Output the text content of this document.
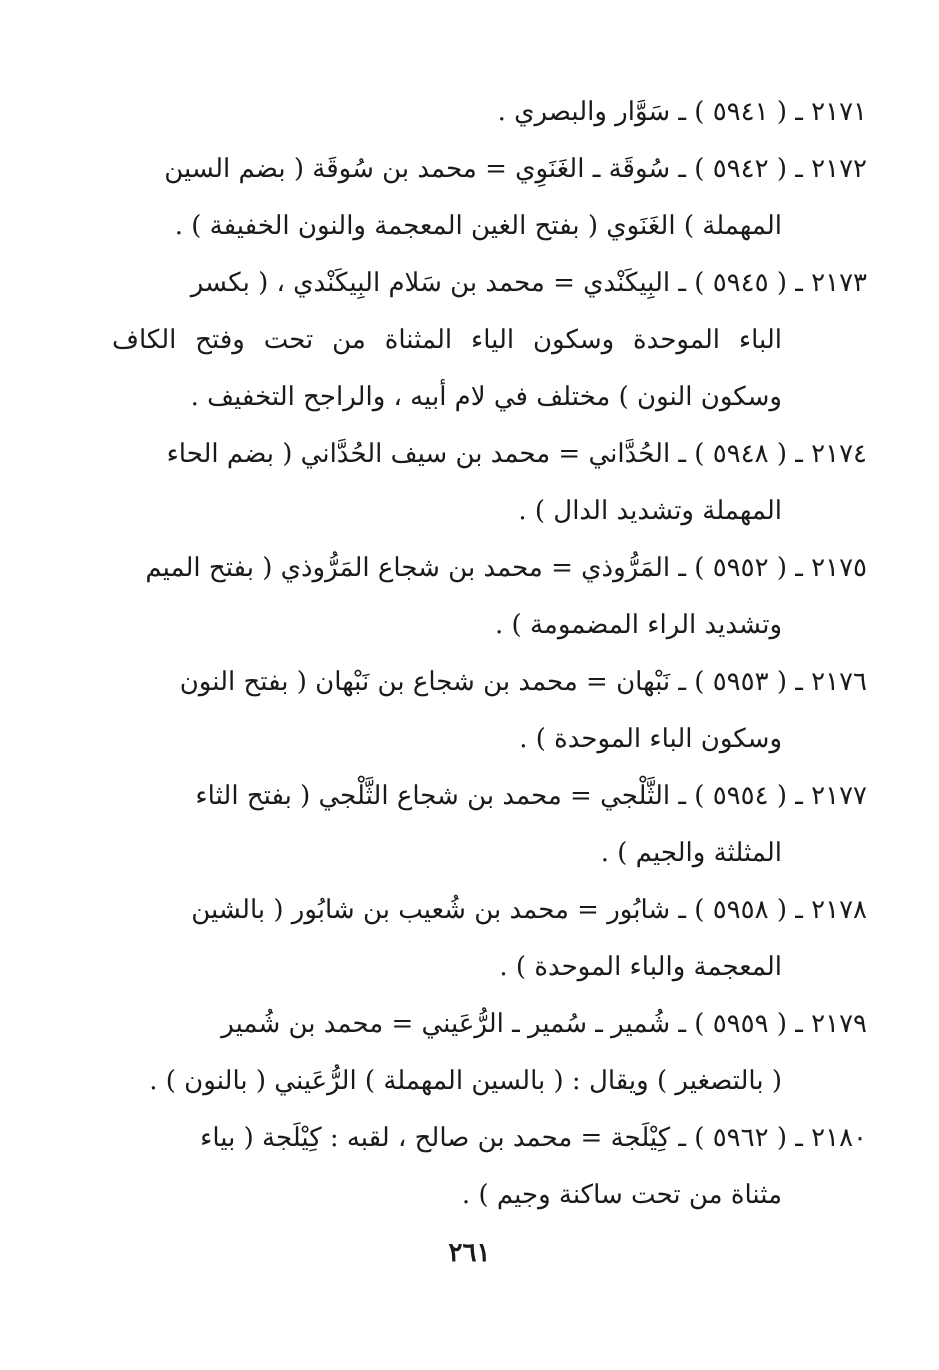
٢١٧١ ـ ( ٥٩٤١ ) ـ سَوَّار والبصري .
٢١٧٢ ـ ( ٥٩٤٢ ) ـ سُوقَة ـ الغَنَوِي = محمد بن سُوقَة ( بضم السين
المهملة ) الغَنَوي ( بفتح الغين المعجمة والنون الخفيفة ) .
٢١٧٣ ـ ( ٥٩٤٥ ) ـ البِيكَنْدي = محمد بن سَلام البِيكَنْدي ، ( بكسر
الباء الموحدة وسكون الياء المثناة من تحت وفتح الكاف وسكون النون ) مختلف في لام أبيه ، والراجح التخفيف .
٢١٧٤ ـ ( ٥٩٤٨ ) ـ الحُدَّاني = محمد بن سيف الحُدَّاني ( بضم الحاء
المهملة وتشديد الدال ) .
٢١٧٥ ـ ( ٥٩٥٢ ) ـ المَرُّوذي = محمد بن شجاع المَرُّوذي ( بفتح الميم
وتشديد الراء المضمومة ) .
٢١٧٦ ـ ( ٥٩٥٣ ) ـ نَبْهان = محمد بن شجاع بن نَبْهان ( بفتح النون
وسكون الباء الموحدة ) .
٢١٧٧ ـ ( ٥٩٥٤ ) ـ الثَّلْجي = محمد بن شجاع الثَّلْجي ( بفتح الثاء
المثلثة والجيم ) .
٢١٧٨ ـ ( ٥٩٥٨ ) ـ شابُور = محمد بن شُعيب بن شابُور ( بالشين
المعجمة والباء الموحدة ) .
٢١٧٩ ـ ( ٥٩٥٩ ) ـ شُمير ـ سُمير ـ الرُّعَيني = محمد بن شُمير
( بالتصغير ) ويقال : ( بالسين المهملة ) الرُّعَيني ( بالنون ) .
٢١٨٠ ـ ( ٥٩٦٢ ) ـ كِيْلَجة = محمد بن صالح ، لقبه : كِيْلَجة ( بياء
مثناة من تحت ساكنة وجيم ) .
٢٦١
